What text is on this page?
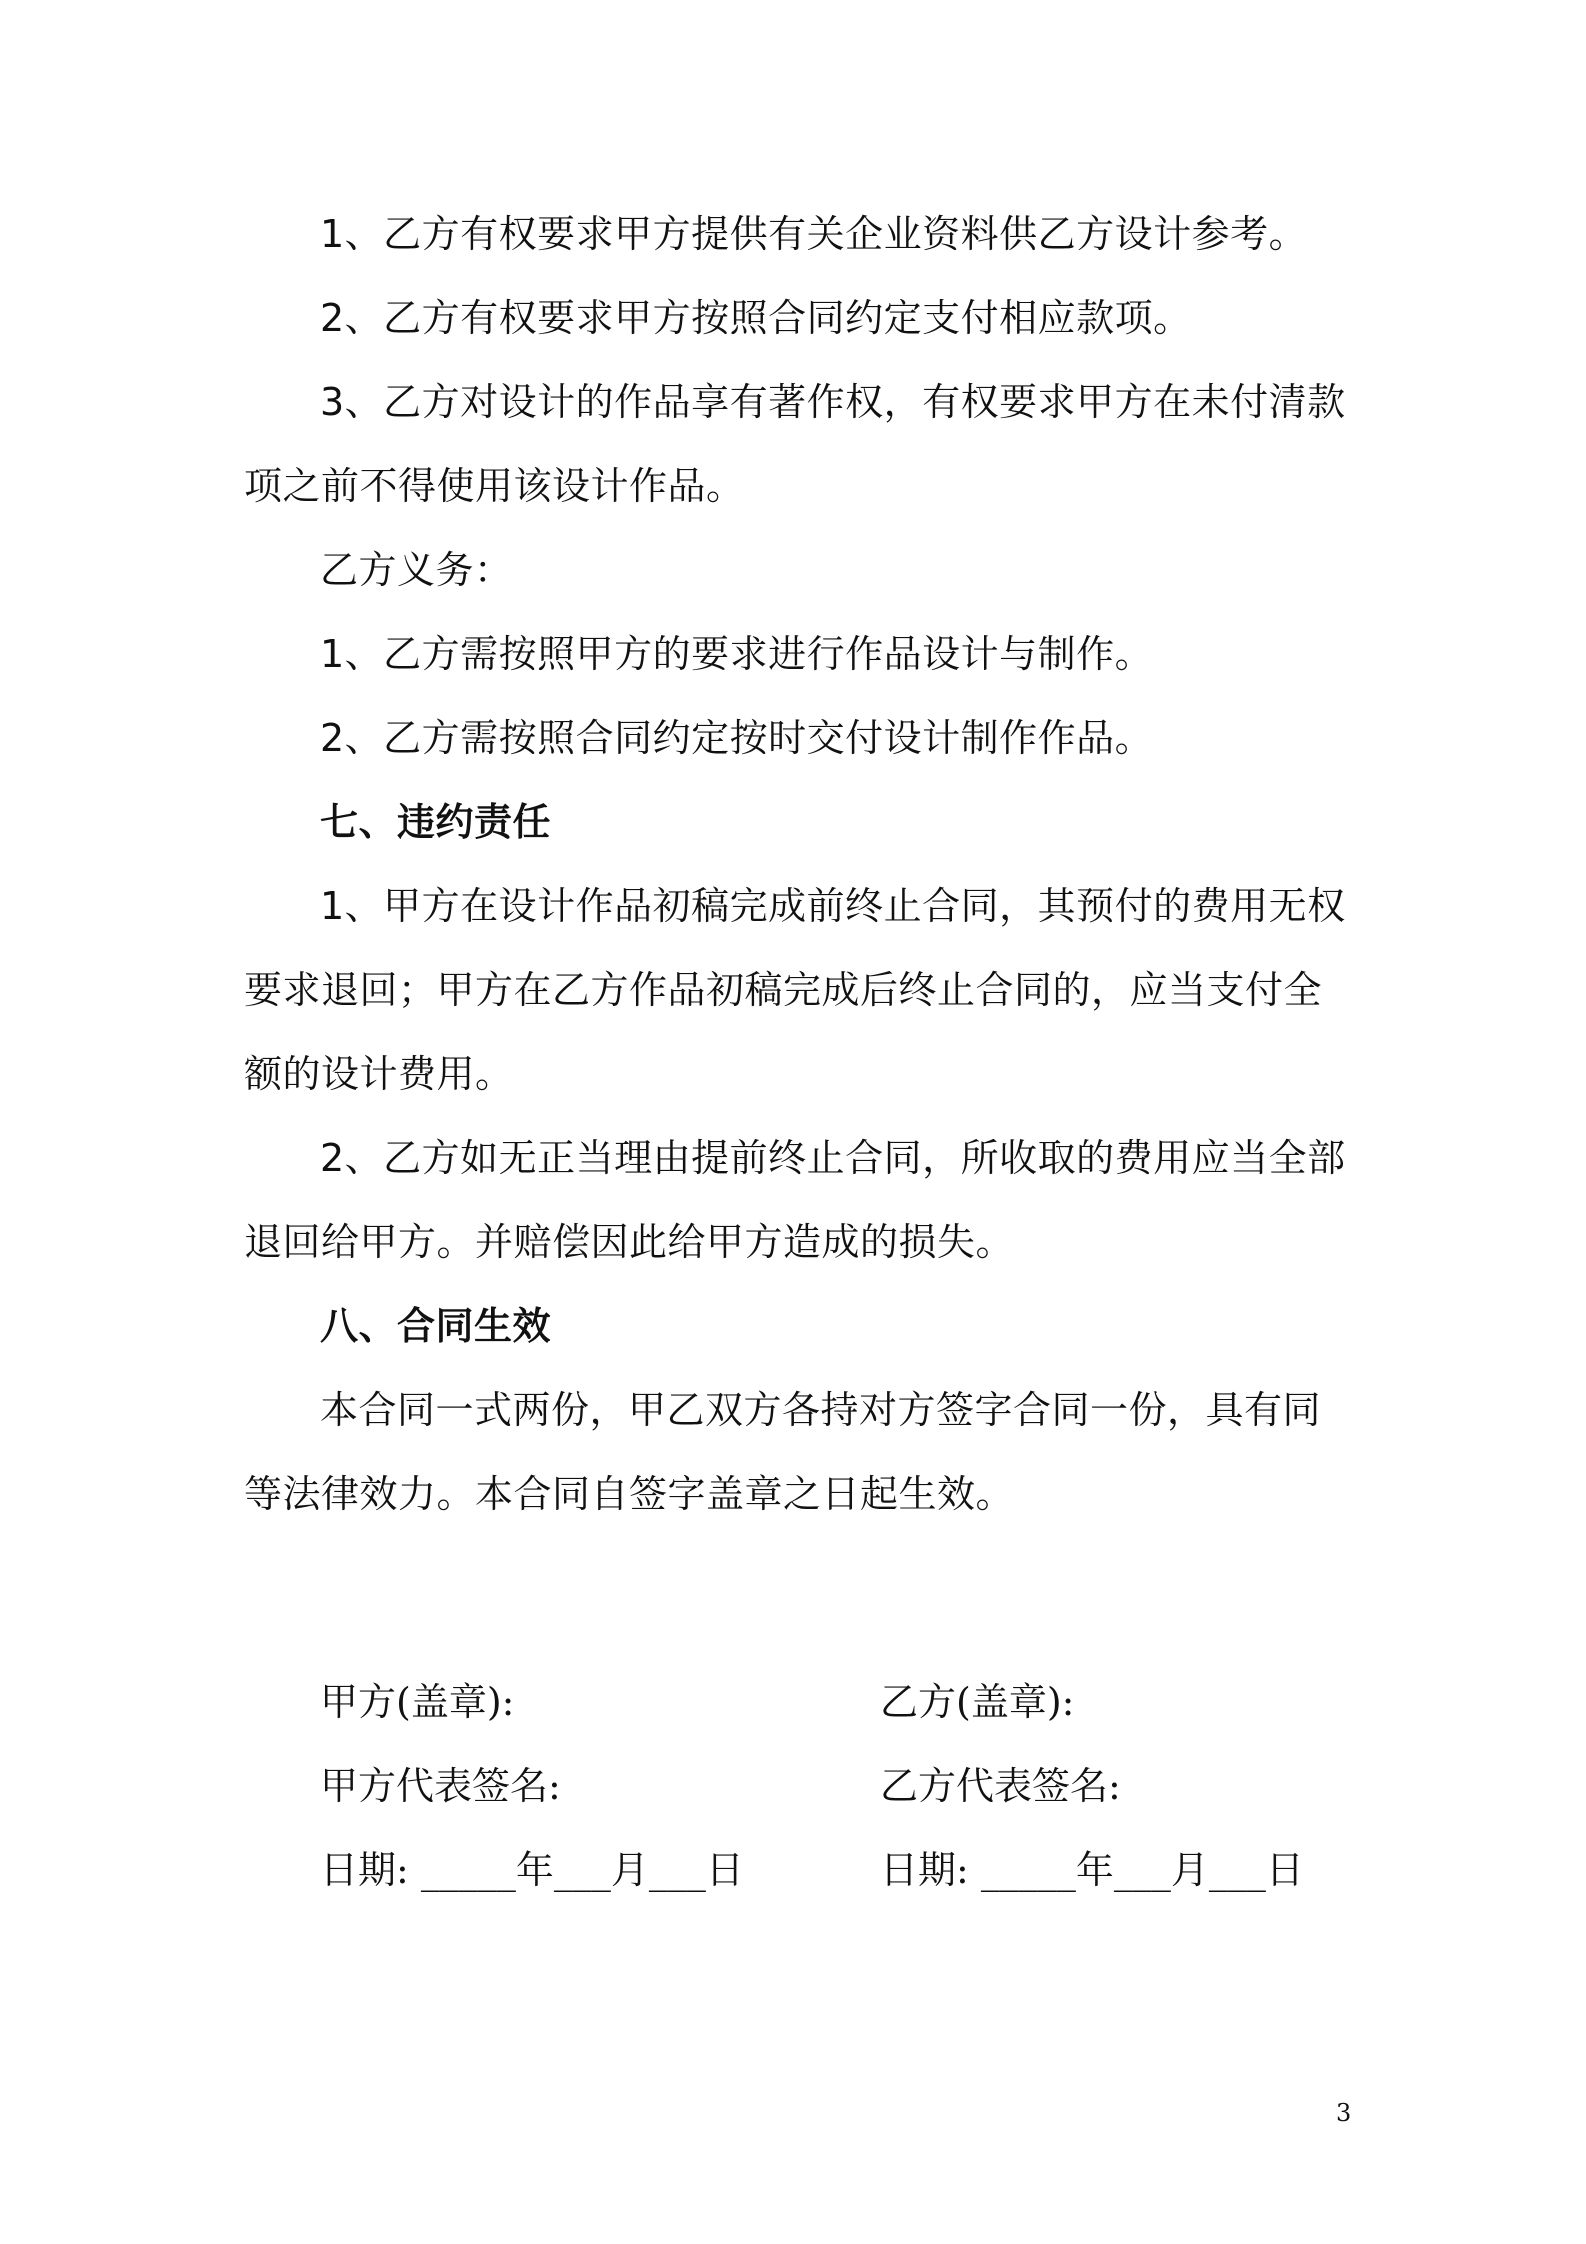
1、乙方有权要求甲方提供有关企业资料供乙方设计参考。

2、乙方有权要求甲方按照合同约定支付相应款项。

3、乙方对设计的作品享有著作权，有权要求甲方在未付清款项之前不得使用该设计作品。

乙方义务：

1、乙方需按照甲方的要求进行作品设计与制作。

2、乙方需按照合同约定按时交付设计制作作品。

七、违约责任

1、甲方在设计作品初稿完成前终止合同，其预付的费用无权要求退回；甲方在乙方作品初稿完成后终止合同的，应当支付全额的设计费用。

2、乙方如无正当理由提前终止合同，所收取的费用应当全部退回给甲方。并赔偿因此给甲方造成的损失。

八、合同生效

本合同一式两份，甲乙双方各持对方签字合同一份，具有同等法律效力。本合同自签字盖章之日起生效。

甲方(盖章):	乙方(盖章):
甲方代表签名:	乙方代表签名:
日期: _____年___月___日	日期: _____年___月___日
3
